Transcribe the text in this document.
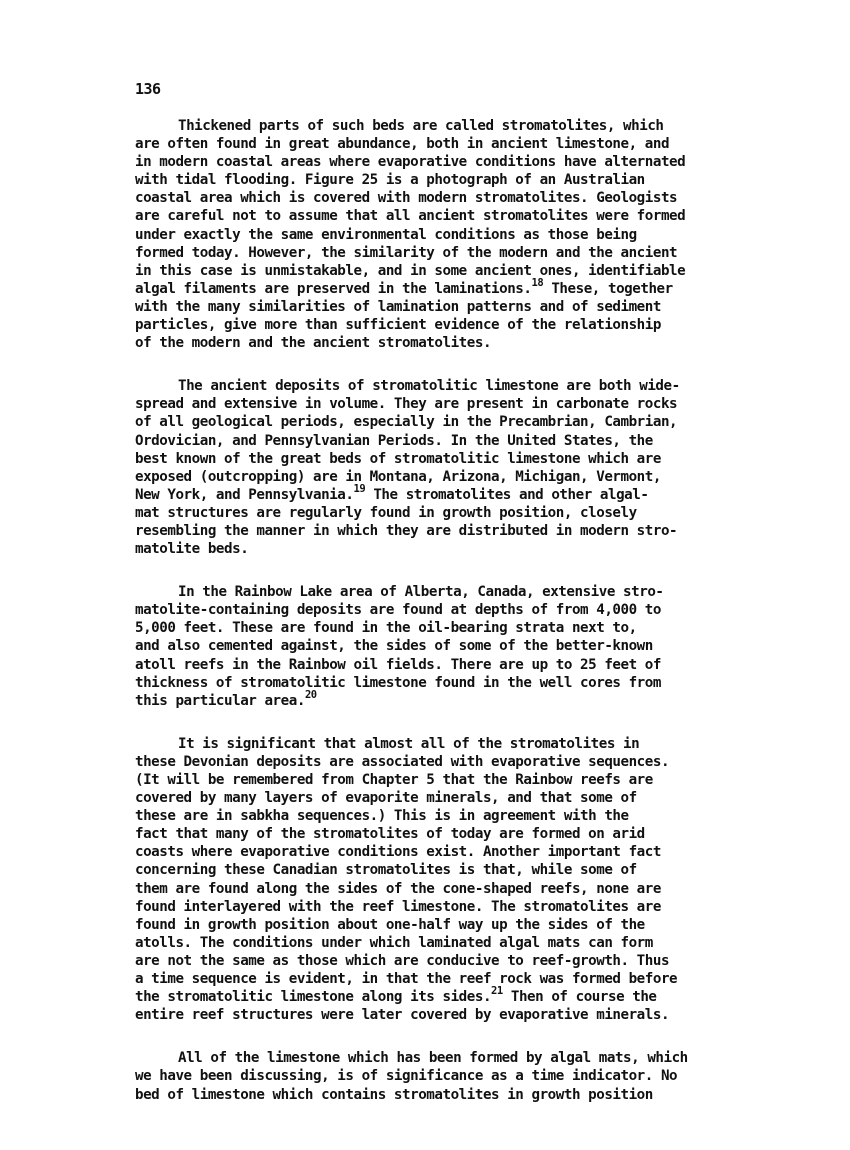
136
Thickened parts of such beds are called stromatolites, which
are often found in great abundance, both in ancient limestone, and
in modern coastal areas where evaporative conditions have alternated
with tidal flooding. Figure 25 is a photograph of an Australian
coastal area which is covered with modern stromatolites. Geologists
are careful not to assume that all ancient stromatolites were formed
under exactly the same environmental conditions as those being
formed today. However, the similarity of the modern and the ancient
in this case is unmistakable, and in some ancient ones, identifiable
algal filaments are preserved in the laminations.$^{18}$ These, together
with the many similarities of lamination patterns and of sediment
particles, give more than sufficient evidence of the relationship
of the modern and the ancient stromatolites.
The ancient deposits of stromatolitic limestone are both wide-
spread and extensive in volume. They are present in carbonate rocks
of all geological periods, especially in the Precambrian, Cambrian,
Ordovician, and Pennsylvanian Periods. In the United States, the
best known of the great beds of stromatolitic limestone which are
exposed (outcropping) are in Montana, Arizona, Michigan, Vermont,
New York, and Pennsylvania.$^{19}$ The stromatolites and other algal-
mat structures are regularly found in growth position, closely
resembling the manner in which they are distributed in modern stro-
matolite beds.
In the Rainbow Lake area of Alberta, Canada, extensive stro-
matolite-containing deposits are found at depths of from 4,000 to
5,000 feet. These are found in the oil-bearing strata next to,
and also cemented against, the sides of some of the better-known
atoll reefs in the Rainbow oil fields. There are up to 25 feet of
thickness of stromatolitic limestone found in the well cores from
this particular area.$^{20}$
It is significant that almost all of the stromatolites in
these Devonian deposits are associated with evaporative sequences.
(It will be remembered from Chapter 5 that the Rainbow reefs are
covered by many layers of evaporite minerals, and that some of
these are in sabkha sequences.) This is in agreement with the
fact that many of the stromatolites of today are formed on arid
coasts where evaporative conditions exist. Another important fact
concerning these Canadian stromatolites is that, while some of
them are found along the sides of the cone-shaped reefs, none are
found interlayered with the reef limestone. The stromatolites are
found in growth position about one-half way up the sides of the
atolls. The conditions under which laminated algal mats can form
are not the same as those which are conducive to reef-growth. Thus
a time sequence is evident, in that the reef rock was formed before
the stromatolitic limestone along its sides.$^{21}$ Then of course the
entire reef structures were later covered by evaporative minerals.
All of the limestone which has been formed by algal mats, which
we have been discussing, is of significance as a time indicator. No
bed of limestone which contains stromatolites in growth position
